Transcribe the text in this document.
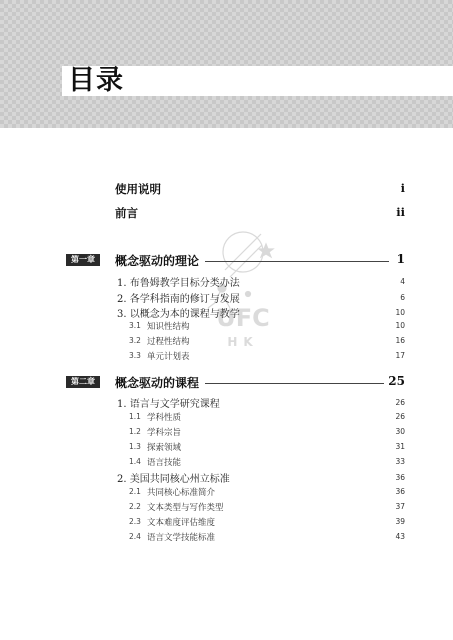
目录
UFC
HK
使用说明	i
前言	ii
第一章	概念驱动的理论	1
1. 布鲁姆教学目标分类办法	4
2. 各学科指南的修订与发展	6
3. 以概念为本的课程与教学	10
3.1 知识性结构	10
3.2 过程性结构	16
3.3 单元计划表	17
第二章	概念驱动的课程	25
1. 语言与文学研究课程	26
1.1 学科性质	26
1.2 学科宗旨	30
1.3 探索领域	31
1.4 语言技能	33
2. 美国共同核心州立标准	36
2.1 共同核心标准简介	36
2.2 文本类型与写作类型	37
2.3 文本难度评估维度	39
2.4 语言文学技能标准	43
